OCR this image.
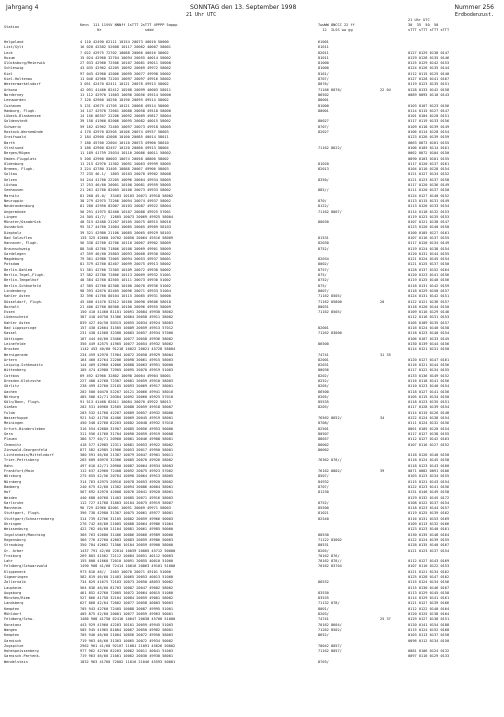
Jahrgang 4	SONNTAG den 13. September 1998	Nummer 256
21 Uhr UTC	Erdbodenzust.
Station	Kenn  111 11VVV NNNff 1sTTT 2sTTT 4PPPP 5appp
Nr                    sddd
7wwWW 8NCCC 22 ff
12  ILSS ww gg
21 Uhr UTC
30  35  50  50
sTTT sTTT sTTT sTTT
Helgoland	4 110 42490 62111 10154 20073 40010 50000	61001
List/Sylt	16 020 42582 52608 10117 20062 40007 58001	61611
Leck	7 022 42975 72702 10088 20066 40016 58002	82011	0127 0129 0138 0147
Husum	15 024 42960 32704 10094 20055 40014 58002	81011	0129 0128 0135 0146
Glücksburg/Meierwik	27 033 42960 72506 10107 20081 49011 50000	81000	0125 0129 0142 0153
Schleswig	43 035 42962 42205 10092 20069 49972 58002	81000	0124 0126 0135 0144
Kiel	97 045 42960 42006 10095 20077 49998 50002	8161/	0112 0115 0125 0140
Kiel-Holtenau	11 046 42960 72203 10097 20097 49916 58002	8707/	0127 0128 0141 0167
Westermarkelsdorf	3 051 42470 82411 10121 20078 49913 58002	8076/	0119 0123 0135 0151
Arkona	42 091 41460 82412 10208 20099 40003 58011	71166 8076/	22 04	0128 0133 0142 0158
Norderney	11 112 42970 11603 10090 20056 49514 50000	86502	0089 0095 0110 0143
Leeuwarden	7 120 42960 10250 10190 20095 49514 58002	80001
Cuxhaven	5 131 42675 41705 10121 20068 49514 58000	81000	0103 0107 0123 0156
Hamburg, Flugh.	14 147 42970 72601 10080 20058 49518 58000	80001	0114 0115 0127 0147
Lübeck-Blankensee	14 156 06357 22206 10092 20069 49817 58004	0101 0104 0120 0151
Goldenstedt	39 158 41960 82006 10095 20082 40015 58002	8002?	0117 0119 0133 0156
Schwerin	59 162 42962 72405 10097 20073 49918 58005	8707/	0109 0118 0139 0149
Rostock-Warnemünde	4 170 42970 82505 10106 20074 49937 58003	8202?	0106 0114 0128 0154
Greifswald	2 184 42960 42008 10100 20085 40014 58011	0123 0126 0139 0159
Barth	7 180 45760 22004 10110 20075 49900 58010	0063 0073 0101 0155
Stralsund	3 186 42960 82457 10120 20080 49913 58004	71162 8622/	0106 0105 0114 0161
Bergen/Rügen	11 189 41759 25034 10110 20086 40011 58002	0062 0072 0104 0150
Emden-Flugplatz	5 200 42960 00003 10074 20058 48806 58002	0090 0103 0101 0155
Oldenburg	11 215 42970 11302 10091 20063 49999 58005	81020	0117 0120 0137 0161
Bremen, Flugh.	3 224 42780 31405 10088 20067 49906 58003	82013	0104 0110 0128 0154
Soltau	77 235 46.1/  1803 10103 20078 49902 58008	0121 0127 0134 0152
Uelzen	54 244 41760 22205 10096 20064 49934 58005	8350/	0121 0123 0137 0158
Lüchow	17 253 46/60 20001 10100 20081 49959 58005	0117 0120 0136 0149
Seehausen	21 261 42760 82005 10100 20073 49933 58002	885//	0111 0120 0137 0150
Marnitz	81 268 45.0/  33403 10103 20071 49918 58002	0124 0127 0140 0152
Neuruppin	38 279 42975 72206 10094 20074 49937 58002	870/	0113 0115 0131 0149
Neubrandenburg	81 280 42950 82007 10103 20087 49922 58004	8122/	0113 0120 0133 0154
Angermünde	56 291 41975 82408 10107 20088 49925 57001	71162 8807/	0114 0118 0132 0153
Lingen	24 305 41/7/  12805 10073 20069 49925 58004	0119 0123 0135 0153
Münster/Osnabrück	48 315 42480 21207 10105 20075 48915 58010	80030	0107 0121 0138 0147
Osnabrück	95 317 44760 21004 10085 20065 49909 58103	0123 0120 0140 0150
Diepholz	39 321 42980 21106 10085 20065 49929 58103	0100 0105 0127 0161
Bad Salzuflen	135 325 42660 10702 10050 20064 49516 58009	81531	0107 0116 0137 0155
Hannover, Flugh.	56 338 42760 42706 10110 20067 49902 58009	82030	0117 0120 0134 0149
Braunschweig	88 348 42760 71806 10108 20069 49901 58009	8752/	0119 0124 0138 0154
Gardelegen	47 359 46/60 25803 10093 20068 49930 58002	0120 0131 0144 0155
Magdeburg	79 361 42980 72005 10094 20053 49937 58001	82034	0121 0124 0145 0154
Potsdam	81 379 42760 82407 10099 20075 49913 58002	8002/	0121 0125 0137 0150
Berlin-Dahlem	51 381 42760 72305 10109 20072 49938 50002	8757/	0128 0137 0152 0164
Berlin-Tegel,Flugh.	37 382 42780 72806 10113 20069 49932 51001	875/	0120 0123 0141 0156
Berlin-Tempelhof	48 384 42760 82505 10111 20073 49930 51002	8752/	0119 0125 0140 0156
Berlin-Schönefeld	47 385 42760 82308 10100 20070 49936 51002	875/	0118 0131 0142 0159
Lindenberg	98 393 42670 82405 10096 20071 49933 51004	8007/	0118 0129 0150 0157
Kahler Asten	32 396 41760 80104 10115 20085 49931 50000	71162 8505/	0124 0131 0142 0151
Düsseldorf, Flugh.	45 400 41470 52512 10160 20090 49606 58018	71162 85800	20	0122 0121 0136 0157
Bocholt	21 406 42760 80300 10100 20096 49955 58009	80031	0118 0120 0144 0150
Essen	150 410 41460 81101 10091 20084 49930 58002	71162 8505/	0109 0116 0129 0146
Lüdenscheid	387 418 40750 31306 10064 20058 49911 58002	0112 0116 0131 0153
Kahler Asten	839 427 40/50 50315 10055 20034 49924 58003	0105 0109 0135 0157
Bad Lippspringe	157 430 42664 31505 10089 20059 49913 57012	82001	0116 0124 0140 0158
Kassel	231 438 41560 32308 10083 20057 49934 57000	71262 83000	0118 0123 0140 0154
Göttingen	167 444 46/60 23406 10077 20058 49936 58002	0106 0107 0133 0145
Leinefelde	356 449 42575 41905 10077 20054 49932 58002	86500	0130 0139 0144 0156
Brocken	1142 453 40/60 91218 10022 20021 45728 58004	0114 0121 0131 0150
Wernigerode	234 459 42970 71904 10072 20058 49929 58004	74741	31 35
Artern	164 460 42764 22206 10098 20061 49915 58003	82001	0120 0127 0147 0161
Leipzig-Schkeuditz	144 469 42960 42006 10088 20063 49951 50000	82031	0116 0121 0144 0156
Wittenberg	105 474 42980 72905 10095 20070 49919 51003	80036	0117 0122 0134 0155
Cottbus	69 492 42960 32802 10098 20064 49904 58001	8202/	0133 0136 0149 0152
Dresden-Klotzsche	227 488 42760 72307 10081 20059 49910 58003	8252/	0116 0118 0141 0156
Görlitz	238 499 42760 22105 10093 20069 49917 58001	8205/	0110 0123 0140 0154
Aachen	202 500 40470 52207 10121 20066 49941 58010	86500	0118 0127 0141 0156
Nürburg	485 506 42/71 20304 10092 20060 49925 57010	8205/	0105 0115 0134 0150
Köln/Bonn, Flugh.	91 513 41468 82011 10084 20070 49922 58013	85535	0118 0123 0135 0151
Gießen	202 531 40960 32505 10088 20059 49918 58007	8205/	0117 0128 0139 0154
Fulda	203 532 41760 42207 10089 20057 49932 58000	0114 0115 0126 0148
Wasserkuppe	921 542 41750 42406 10069 20045 49919 58001	76562 8652/	34	0122 0124 0138 0154
Meiningen	450 548 42760 82203 10082 20048 49932 57010	8708/	0111 0124 0132 0156
Erfurt-Bindersleben	316 554 42680 31907 10085 20056 49953 50000	82501	0061 0105 0120 0154
Gera	311 556 41760 31704 10090 20059 49919 50008	8050?	0117 0127 0138 0155
Plauen	386 577 40/71 20900 10081 20046 49908 58001	8805?	0112 0127 0142 0163
Chemnitz	418 577 42985 12311 10081 20053 49922 58002	80002	0107 0116 0127 0152
Zinnwald-Georgenfeld	877 582 42985 21906 20053 20017 49950 58001	80002
Lichtenhain/Mittelndorf	300 591 46/60 21307 10079 20047 49901 50011	0118 0126 0140 0150
Trier-Petrisberg	265 609 40970 32306 10085 20070 49926 58002	76362 878//	0118 0124 0145 0158
Hahn	497 616 42/71 20900 10087 20064 49934 58003	0118 0123 0143 0160
Frankfurt/Main	112 637 42960 72408 10092 20075 49923 57002	76162 8802/	39	0071 0082 0091 0106
Würzburg	275 655 42/56 20704 10090 20064 49913 58005	8507/	0103 0123 0134 0155
Nürnberg	314 763 42975 20916 10078 20053 49920 58002	84932	0115 0121 0143 0154
Bamberg	240 675 42/60 11302 10094 20086 40004 58001	8707/	0122 0123 0141 0156
Hof	567 692 42970 42008 10076 20041 49920 58001	81230	0131 0146 0149 0158
Weiden	440 688 40760 11403 10085 20071 49916 58003	0129 0132 0145 0172
Karlsruhe	112 727 41768 31803 10104 20075 49919 58007	8752/	0108 0122 0137 0154
Mannheim	96 729 42960 82001 10091 20069 49971 58003	85500	0118 0123 0144 0157
Stuttgart, Flugh.	396 738 42980 31307 10075 20061 49977 58001	81021	0119 0125 0139 0162
Stuttgart/Schnarrenberg	314 739 42766 31105 10082 20059 49966 50003	82540	0116 0131 0153 0169
Öhringen	276 742 46/60 21005 10088 20064 49986 51004	0109 0113 0132 0166
Weissenburg	422 762 46/60 21104 10081 20061 49985 50000	0123 0123 0140 0161
Ingolstadt/Manching	366 763 42680 31406 10086 20066 49989 50000	80530	0130 0135 0148 0164
Regensburg	366 776 42760 42803 10083 20059 49986 50003	71122 83002	0122 0124 0139 0155
Straubing	350 784 42662 71506 10104 20059 49900 58000	80531	0128 0135 0140 0167
Gr. Arber	1437 791 42/60 22014 10039 20005 45712 50000	8205/	0121 0123 0137 0154
Freiburg	269 803 41562 72112 10084 20051 40112 50003	70162 876/
Lahr	155 808 41660 72010 10091 20055 40010 51000	70162 878//	0112 0127 0143 0169
Feldberg/Schwarzwald	1490 908 41/60 72414 10016 20063 49101 51000	70162 83704	0107 0110 0122 0153
Klippeneck	973 816 46//  2403 10070 20071 49101 51000	0121 0121 0134 0162
Sigmaringen	582 819 46/60 21403 10065 20053 40013 51000	0125 0128 0147 0162
Zollernalb	734 829 41675 72103 10073 20050 48053 50002	86532	0115 0124 0134 0156
Laupheim	564 836 46/60 81703 10087 20047 49002 58002	0115 0130 0146 0167
Augsburg	461 852 42760 72005 10072 20064 40015 51000	83530	0113 0129 0145 0158
München/Riem	527 866 41750 32104 10084 20059 49001 58002	83535	0114 0129 0141 0161
Landsberg	627 868 42/64 72002 10077 20058 40003 50003	71132 878/	0121 0127 0139 0166
Kempten	705 943 42760 72405 10088 20087 49995 51001	8001/	0112 0122 0140 0164
Mühldorf	405 875 42/60 20001 10077 20059 49963 50001	8203/	0120 0125 0138 0164
Feldberg/Schw.	1486 908 41750 62416 10047 20038 45700 51000	74741	25 37	0129 0127 0138 0151
Konstanz	443 929 41960 42203 10101 20059 49945 51003	70162 8604/	0120 0141 0154 0188
Wangen	505 945 41965 81804 10067 20050 49982 58001	71262 8502/	0115 0124 0152 0168
Kempten	705 946 46/60 21004 10056 20072 49950 58003	8652/	0103 0113 0137 0158
Garmisch	719 963 46/60 31303 10065 20072 49934 50002	0096 0112 0134 0150
Zugspitze	2962 961 41/60 92107 11081 21091 45626 50002	70042 8057/
Hohenpeissenberg	977 962 42766 82203 10062 20011 40041 51003	71162 8057/	0081 0106 0124 0132
Garmisch-Partenk.	719 963 46/60 21001 10062 20030 49930 58001	0097 0116 0129 0133
Wendelstein	1832 963 41760 72002 11016 21046 45593 50001	8703/
